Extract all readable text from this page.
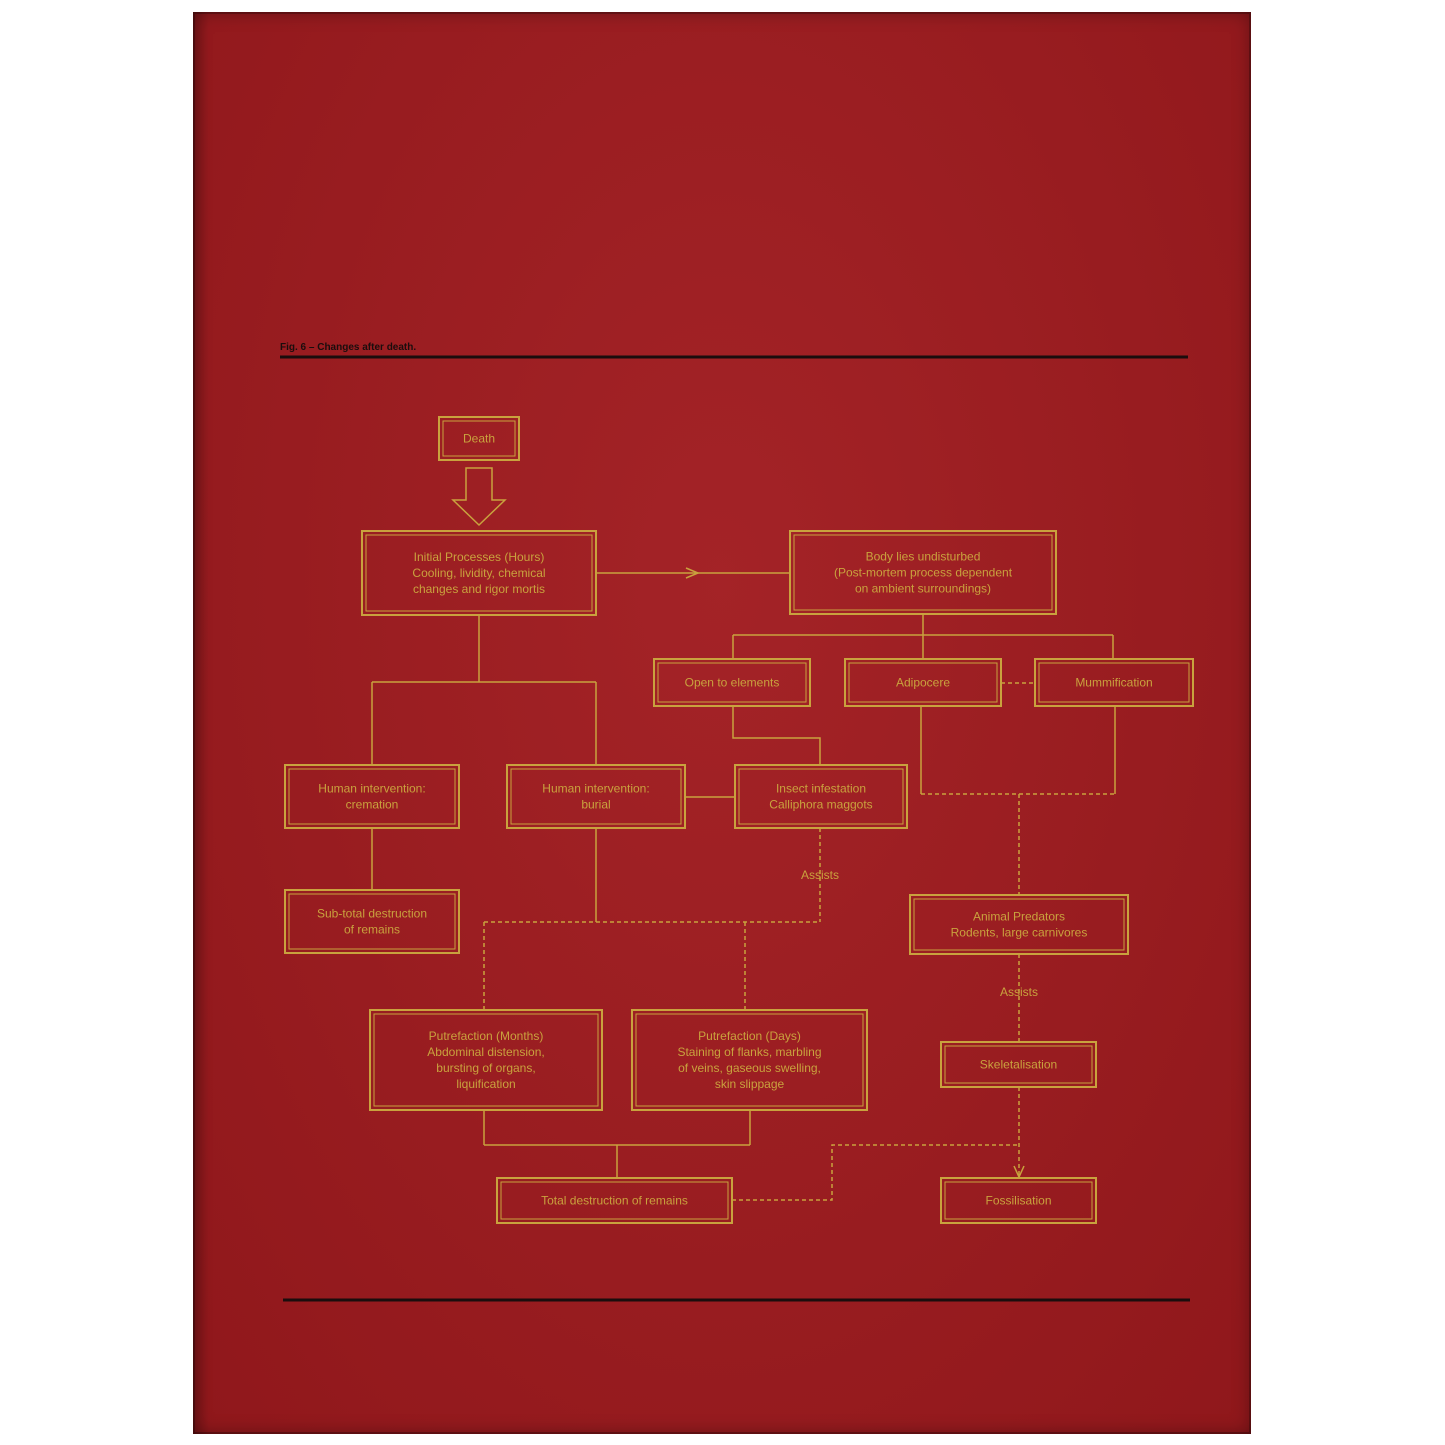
Fig. 6 – Changes after death.
Assists
Assists
Death
Initial Processes (Hours)
Cooling, lividity, chemical
changes and rigor mortis
Body lies undisturbed
(Post-mortem process dependent
on ambient surroundings)
Open to elements	Adipocere	Mummification
Human intervention:
cremation
Human intervention:
burial
Insect infestation
Calliphora maggots
Sub-total destruction
of remains
Animal Predators
Rodents, large carnivores
Putrefaction (Months)
Abdominal distension,
bursting of organs,
liquification
Putrefaction (Days)
Staining of flanks, marbling
of veins, gaseous swelling,
skin slippage
Skeletalisation
Total destruction of remains	Fossilisation
